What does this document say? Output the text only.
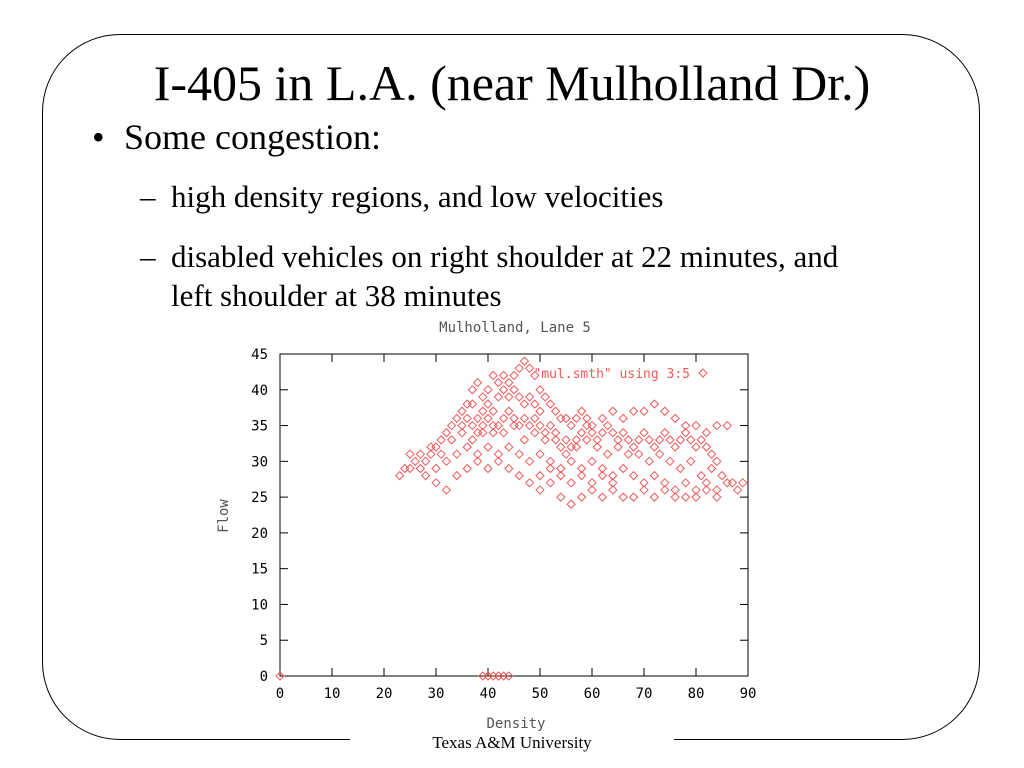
Texas A&M University
I-405 in L.A. (near Mulholland Dr.)
• Some congestion:
– high density regions, and low velocities
– disabled vehicles on right shoulder at 22 minutes, and left shoulder at 38 minutes
Mulholland, Lane 5
0	10	20	30	40	50	60	70	80	90
0
5
10
15
20
25
30
35
40
45
"mul.smth" using 3:5
Density
Flow
